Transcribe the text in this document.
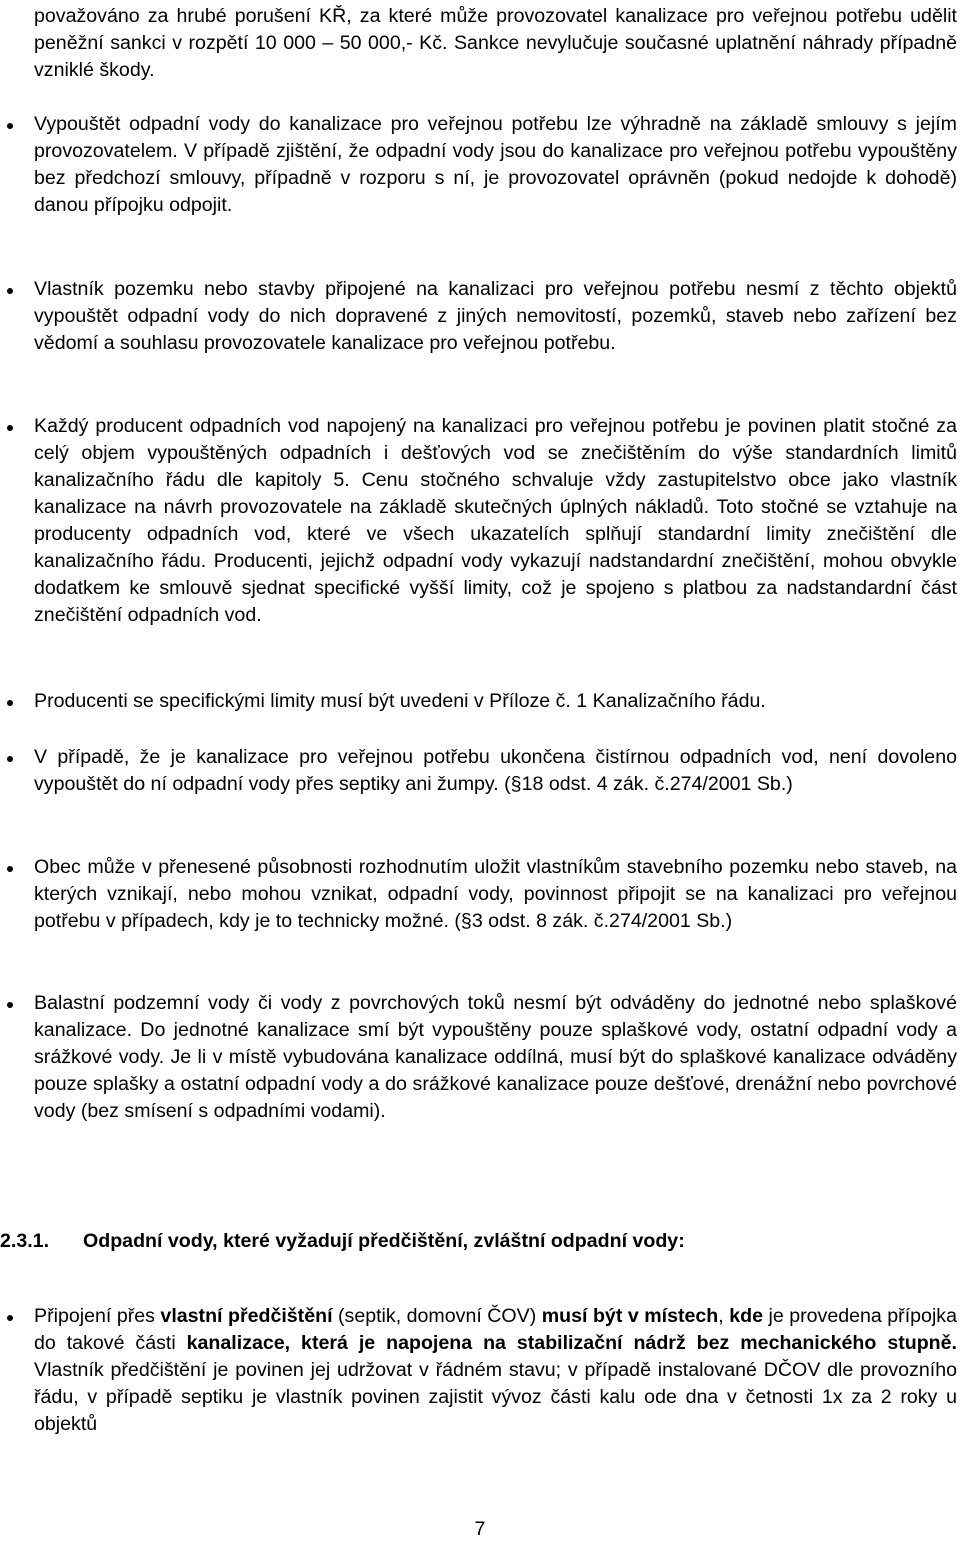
považováno za hrubé porušení KŘ, za které může provozovatel kanalizace pro veřejnou potřebu udělit peněžní sankci v rozpětí 10 000 – 50 000,- Kč. Sankce nevylučuje současné uplatnění náhrady případně vzniklé škody.

Vypouštět odpadní vody do kanalizace pro veřejnou potřebu lze výhradně na základě smlouvy s jejím provozovatelem. V případě zjištění, že odpadní vody jsou do kanalizace pro veřejnou potřebu vypouštěny bez předchozí smlouvy, případně v rozporu s ní, je provozovatel oprávněn (pokud nedojde k dohodě) danou přípojku odpojit.
Vlastník pozemku nebo stavby připojené na kanalizaci pro veřejnou potřebu nesmí z těchto objektů vypouštět odpadní vody do nich dopravené z jiných nemovitostí, pozemků, staveb nebo zařízení bez vědomí a souhlasu provozovatele kanalizace pro veřejnou potřebu.
Každý producent odpadních vod napojený na kanalizaci pro veřejnou potřebu je povinen platit stočné za celý objem vypouštěných odpadních i dešťových vod se znečištěním do výše standardních limitů kanalizačního řádu dle kapitoly 5. Cenu stočného schvaluje vždy zastupitelstvo obce jako vlastník kanalizace na návrh provozovatele na základě skutečných úplných nákladů. Toto stočné se vztahuje na producenty odpadních vod, které ve všech ukazatelích splňují standardní limity znečištění dle kanalizačního řádu. Producenti, jejichž odpadní vody vykazují nadstandardní znečištění, mohou obvykle dodatkem ke smlouvě sjednat specifické vyšší limity, což je spojeno s platbou za nadstandardní část znečištění odpadních vod.
Producenti se specifickými limity musí být uvedeni v Příloze č. 1 Kanalizačního řádu.
V případě, že je kanalizace pro veřejnou potřebu ukončena čistírnou odpadních vod, není dovoleno vypouštět do ní odpadní vody přes septiky ani žumpy. (§18 odst. 4 zák. č.274/2001 Sb.)
Obec může v přenesené působnosti rozhodnutím uložit vlastníkům stavebního pozemku nebo staveb, na kterých vznikají, nebo mohou vznikat, odpadní vody, povinnost připojit se na kanalizaci pro veřejnou potřebu v případech, kdy je to technicky možné. (§3 odst. 8 zák. č.274/2001 Sb.)
Balastní podzemní vody či vody z povrchových toků nesmí být odváděny do jednotné nebo splaškové kanalizace. Do jednotné kanalizace smí být vypouštěny pouze splaškové vody, ostatní odpadní vody a srážkové vody. Je li v místě vybudována kanalizace oddílná, musí být do splaškové kanalizace odváděny pouze splašky a ostatní odpadní vody a do srážkové kanalizace pouze dešťové, drenážní nebo povrchové vody (bez smísení s odpadními vodami).
2.3.1. Odpadní vody, které vyžadují předčištění, zvláštní odpadní vody:
Připojení přes vlastní předčištění (septik, domovní ČOV) musí být v místech, kde je provedena přípojka do takové části kanalizace, která je napojena na stabilizační nádrž bez mechanického stupně. Vlastník předčištění je povinen jej udržovat v řádném stavu; v případě instalované DČOV dle provozního řádu, v případě septiku je vlastník povinen zajistit vývoz části kalu ode dna v četnosti 1x za 2 roky u objektů

7
